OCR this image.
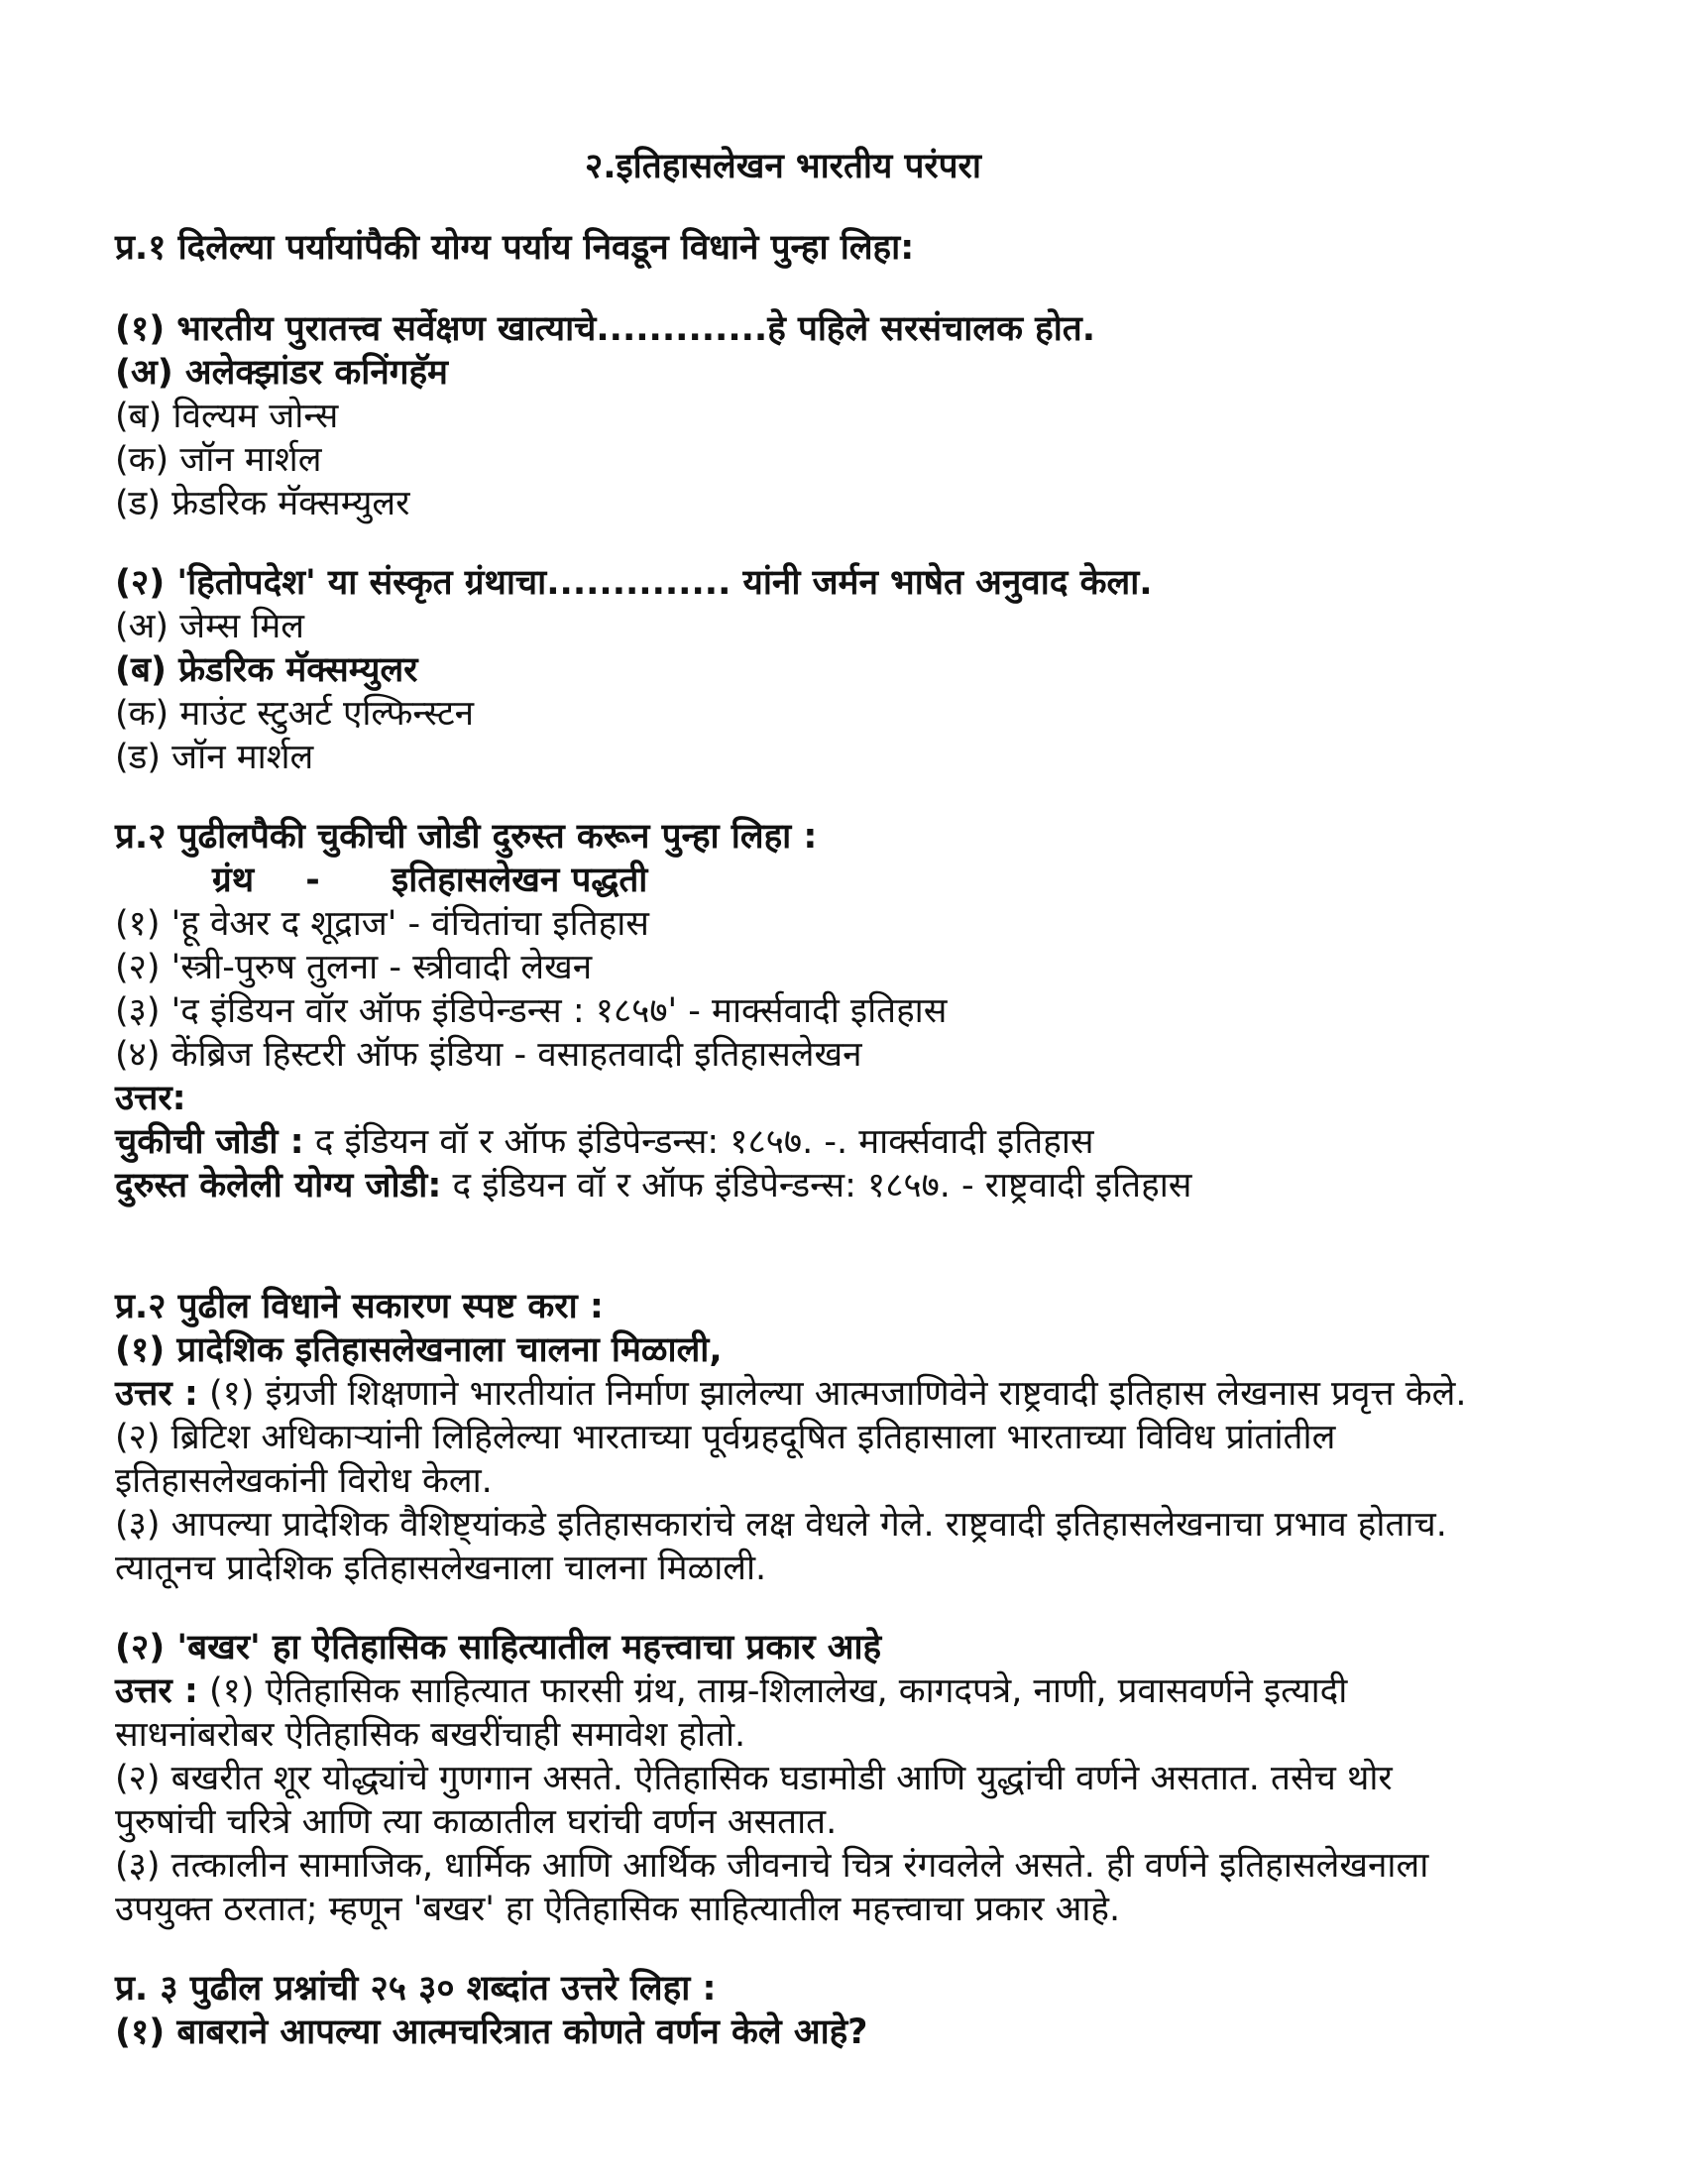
२.इतिहासलेखन भारतीय परंपरा
प्र.१ दिलेल्या पर्यायांपैकी योग्य पर्याय निवडून विधाने पुन्हा लिहा:
(१) भारतीय पुरातत्त्व सर्वेक्षण खात्याचे.............हे पहिले सरसंचालक होत.
(अ) अलेक्झांडर कनिंगहॅम
(ब) विल्यम जोन्स
(क) जॉन मार्शल
(ड) फ्रेडरिक मॅक्सम्युलर
(२) 'हितोपदेश' या संस्कृत ग्रंथाचा.............. यांनी जर्मन भाषेत अनुवाद केला.
(अ) जेम्स मिल
(ब) फ्रेडरिक मॅक्सम्युलर
(क) माउंट स्टुअर्ट एल्फिन्स्टन
(ड) जॉन मार्शल
प्र.२ पुढीलपैकी चुकीची जोडी दुरुस्त करून पुन्हा लिहा :
ग्रंथ - इतिहासलेखन पद्धती
(१) 'हू वेअर द शूद्राज' - वंचितांचा इतिहास
(२) 'स्त्री-पुरुष तुलना - स्त्रीवादी लेखन
(३) 'द इंडियन वॉर ऑफ इंडिपेन्डन्स : १८५७' - मार्क्सवादी इतिहास
(४) केंब्रिज हिस्टरी ऑफ इंडिया - वसाहतवादी इतिहासलेखन
उत्तर:
चुकीची जोडी : द इंडियन वॉ र ऑफ इंडिपेन्डन्स: १८५७. -. मार्क्सवादी इतिहास
दुरुस्त केलेली योग्य जोडी: द इंडियन वॉ र ऑफ इंडिपेन्डन्स: १८५७. - राष्ट्रवादी इतिहास
प्र.२ पुढील विधाने सकारण स्पष्ट करा :
(१) प्रादेशिक इतिहासलेखनाला चालना मिळाली,
उत्तर : (१) इंग्रजी शिक्षणाने भारतीयांत निर्माण झालेल्या आत्मजाणिवेने राष्ट्रवादी इतिहास लेखनास प्रवृत्त केले.
(२) ब्रिटिश अधिकाऱ्यांनी लिहिलेल्या भारताच्या पूर्वग्रहदूषित इतिहासाला भारताच्या विविध प्रांतांतील
इतिहासलेखकांनी विरोध केला.
(३) आपल्या प्रादेशिक वैशिष्ट्यांकडे इतिहासकारांचे लक्ष वेधले गेले. राष्ट्रवादी इतिहासलेखनाचा प्रभाव होताच.
त्यातूनच प्रादेशिक इतिहासलेखनाला चालना मिळाली.
(२) 'बखर' हा ऐतिहासिक साहित्यातील महत्त्वाचा प्रकार आहे
उत्तर : (१) ऐतिहासिक साहित्यात फारसी ग्रंथ, ताम्र-शिलालेख, कागदपत्रे, नाणी, प्रवासवर्णने इत्यादी
साधनांबरोबर ऐतिहासिक बखरींचाही समावेश होतो.
(२) बखरीत शूर योद्ध्यांचे गुणगान असते. ऐतिहासिक घडामोडी आणि युद्धांची वर्णने असतात. तसेच थोर
पुरुषांची चरित्रे आणि त्या काळातील घरांची वर्णन असतात.
(३) तत्कालीन सामाजिक, धार्मिक आणि आर्थिक जीवनाचे चित्र रंगवलेले असते. ही वर्णने इतिहासलेखनाला
उपयुक्त ठरतात; म्हणून 'बखर' हा ऐतिहासिक साहित्यातील महत्त्वाचा प्रकार आहे.
प्र. ३ पुढील प्रश्नांची २५ ३० शब्दांत उत्तरे लिहा :
(१) बाबराने आपल्या आत्मचरित्रात कोणते वर्णन केले आहे?
